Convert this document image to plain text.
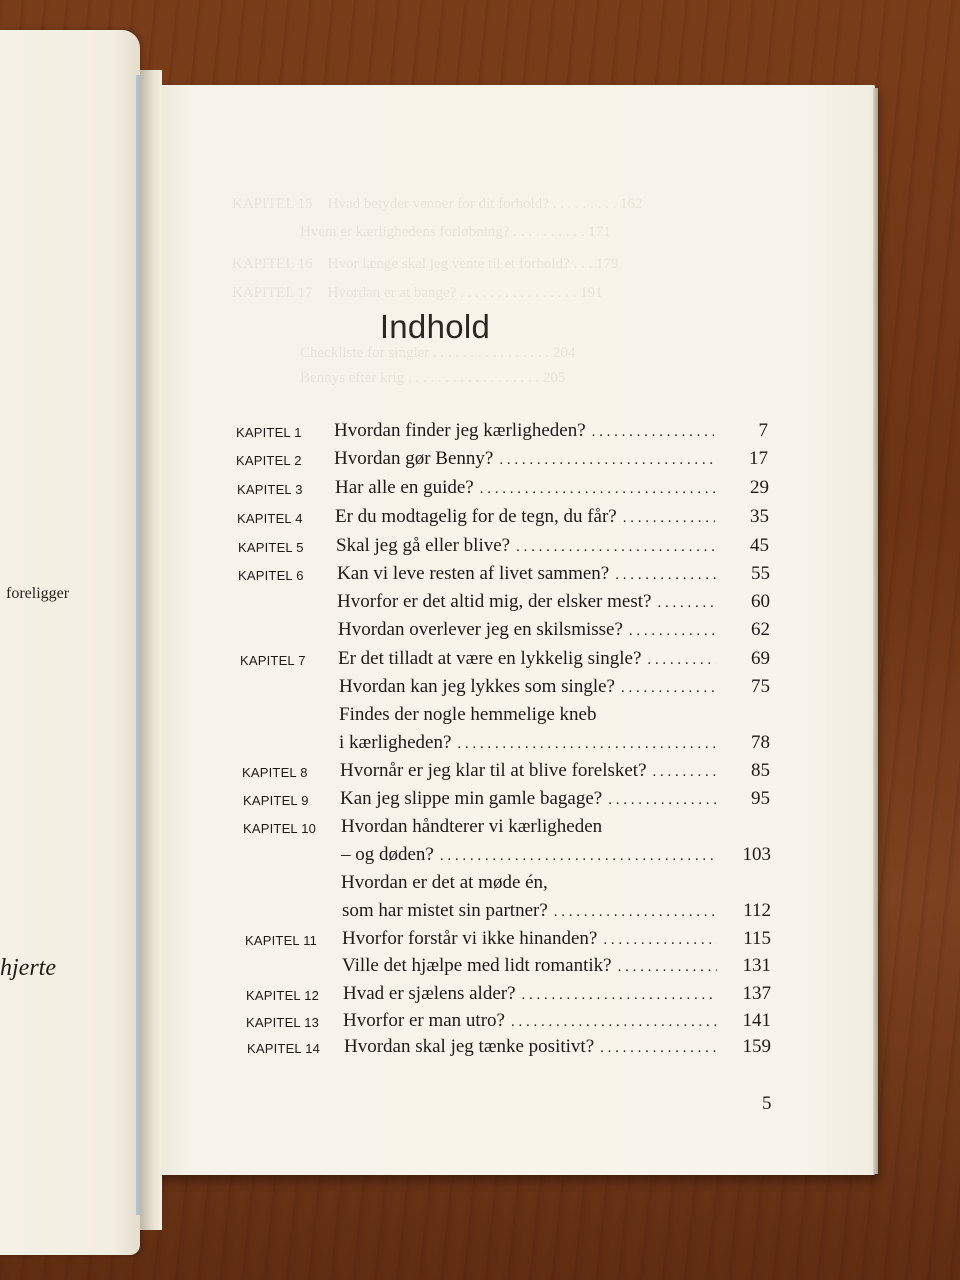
foreligger
hjerte
KAPITEL 15    Hvad betyder venner for dit forhold? . . . . . . . . . 162
Hvem er kærlighedens forløbning? . . . . . . . . . . 171
KAPITEL 16    Hvor længe skal jeg vente til et forhold? . . . 179
KAPITEL 17    Hvordan er at bange? . . . . . . . . . . . . . . . . 191
Checkliste for singler . . . . . . . . . . . . . . . . 204
Bennys efter krig . . . . . . . . . . . . . . . . . . 205
Indhold
KAPITEL 1 Hvordan finder jeg kærligheden? . . .	7
KAPITEL 2 Hvordan gør Benny? . . .	17
KAPITEL 3 Har alle en guide? . . .	29
KAPITEL 4 Er du modtagelig for de tegn, du får? . . .	35
KAPITEL 5 Skal jeg gå eller blive? . . .	45
KAPITEL 6 Kan vi leve resten af livet sammen? . . .	55
Hvorfor er det altid mig, der elsker mest? . . .	60
Hvordan overlever jeg en skilsmisse? . . .	62
KAPITEL 7 Er det tilladt at være en lykkelig single? . . .	69
Hvordan kan jeg lykkes som single? . . .	75
Findes der nogle hemmelige kneb
i kærligheden? . . .	78
KAPITEL 8 Hvornår er jeg klar til at blive forelsket? . . .	85
KAPITEL 9 Kan jeg slippe min gamle bagage? . . .	95
KAPITEL 10 Hvordan håndterer vi kærligheden
– og døden? . . .	103
Hvordan er det at møde én,
som har mistet sin partner? . . .	112
KAPITEL 11 Hvorfor forstår vi ikke hinanden? . . .	115
Ville det hjælpe med lidt romantik? . . .	131
KAPITEL 12 Hvad er sjælens alder? . . .	137
KAPITEL 13 Hvorfor er man utro? . . .	141
KAPITEL 14 Hvordan skal jeg tænke positivt? . . .	159
5
